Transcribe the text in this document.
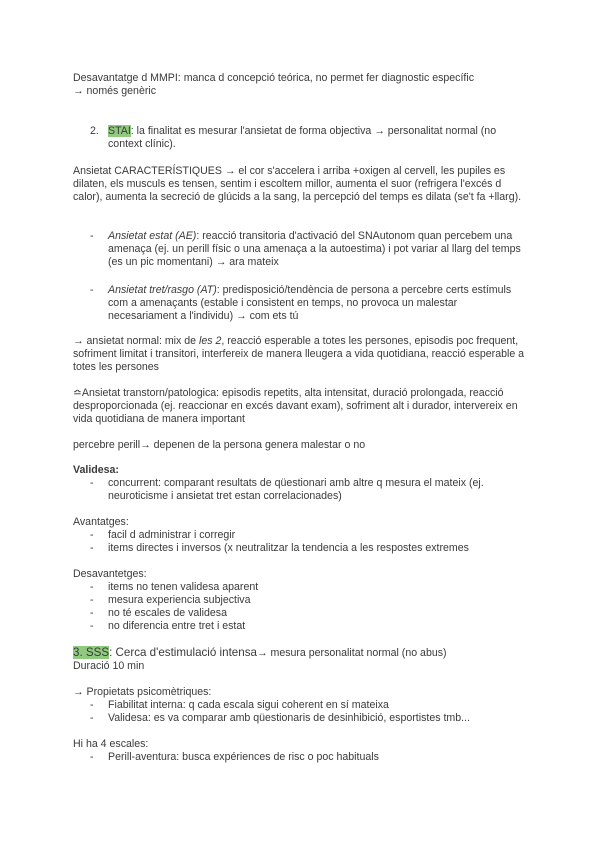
Desavantatge d MMPI: manca d concepció teórica, no permet fer diagnostic específic
→ només genèric

2. STAI: la finalitat es mesurar l'ansietat de forma objectiva → personalitat normal (no context clínic).

Ansietat CARACTERÍSTIQUES → el cor s'accelera i arriba +oxigen al cervell, les pupiles es dilaten, els musculs es tensen, sentim i escoltem millor, aumenta el suor (refrigera l'excés d calor), aumenta la secreció de glúcids a la sang, la percepció del temps es dilata (se't fa +llarg).

- Ansietat estat (AE): reacció transitoria d'activació del SNAutonom quan percebem una amenaça (ej. un perill físic o una amenaça a la autoestima) i pot variar al llarg del temps (es un pic momentani) → ara mateix

- Ansietat tret/rasgo (AT): predisposició/tendència de persona a percebre certs estímuls com a amenaçants (estable i consistent en temps, no provoca un malestar necesariament a l'individu) → com ets tú

→ ansietat normal: mix de les 2, reacció esperable a totes les persones, episodis poc frequent, sofriment limitat i transitori, interfereix de manera lleugera a vida quotidiana, reacció esperable a totes les persones

≏Ansietat transtorn/patologica: episodis repetits, alta intensitat, duració prolongada, reacció desproporcionada (ej. reaccionar en excés davant exam), sofriment alt i durador, intervereix en vida quotidiana de manera important

percebre perill→ depenen de la persona genera malestar o no

Validesa:

- concurrent: comparant resultats de qüestionari amb altre q mesura el mateix (ej. neuroticisme i ansietat tret estan correlacionades)

Avantatges:

- facil d administrar i corregir

- items directes i inversos (x neutralitzar la tendencia a les respostes extremes

Desavantetges:

- items no tenen validesa aparent

- mesura experiencia subjectiva

- no té escales de validesa

- no diferencia entre tret i estat

3. SSS: Cerca d'estimulació intensa→ mesura personalitat normal (no abus)

Duració 10 min

→ Propietats psicomètriques:

- Fiabilitat interna: q cada escala sigui coherent en sí mateixa

- Validesa: es va comparar amb qüestionaris de desinhibició, esportistes tmb...

Hi ha 4 escales:

- Perill-aventura: busca expériences de risc o poc habituals
